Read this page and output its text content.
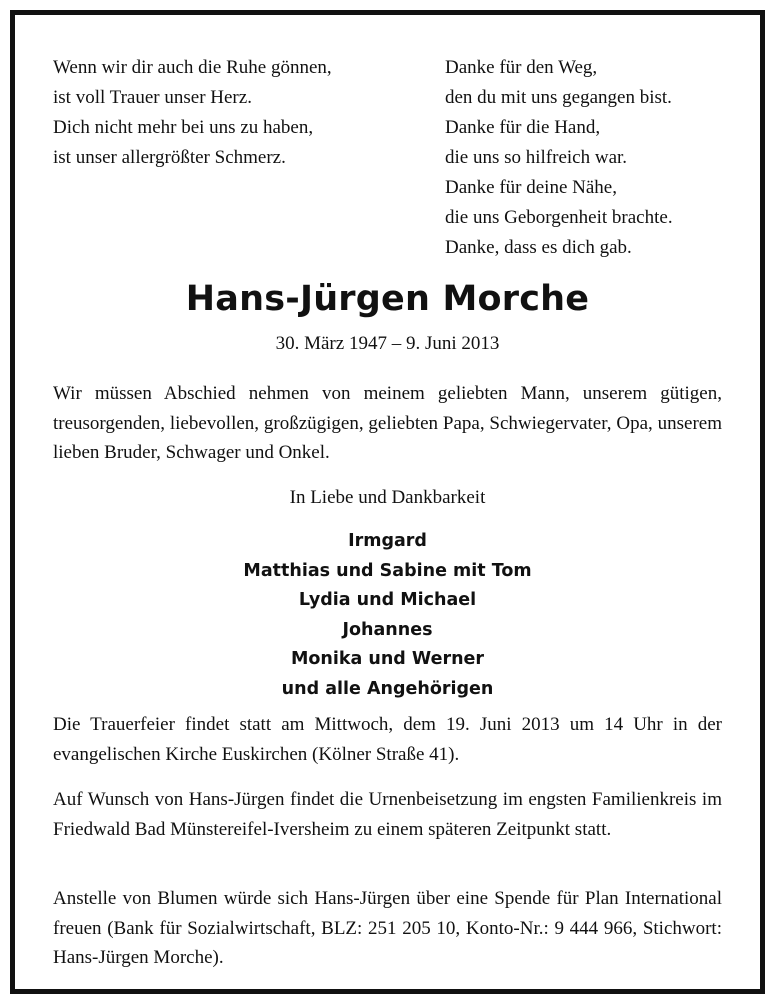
Wenn wir dir auch die Ruhe gönnen,
ist voll Trauer unser Herz.
Dich nicht mehr bei uns zu haben,
ist unser allergrößter Schmerz.
Danke für den Weg,
den du mit uns gegangen bist.
Danke für die Hand,
die uns so hilfreich war.
Danke für deine Nähe,
die uns Geborgenheit brachte.
Danke, dass es dich gab.
Hans-Jürgen Morche
30. März 1947 – 9. Juni 2013

Wir müssen Abschied nehmen von meinem geliebten Mann, unserem gütigen, treusorgenden, liebevollen, großzügigen, geliebten Papa, Schwiegervater, Opa, unserem lieben Bruder, Schwager und Onkel.

In Liebe und Dankbarkeit
Irmgard
Matthias und Sabine mit Tom
Lydia und Michael
Johannes
Monika und Werner
und alle Angehörigen

Die Trauerfeier findet statt am Mittwoch, dem 19. Juni 2013 um 14 Uhr in der evangelischen Kirche Euskirchen (Kölner Straße 41).

Auf Wunsch von Hans-Jürgen findet die Urnenbeisetzung im engsten Familienkreis im Friedwald Bad Münstereifel-Iversheim zu einem späteren Zeitpunkt statt.

Anstelle von Blumen würde sich Hans-Jürgen über eine Spende für Plan International freuen (Bank für Sozialwirtschaft, BLZ: 251 205 10, Konto-Nr.: 9 444 966, Stichwort: Hans-Jürgen Morche).
